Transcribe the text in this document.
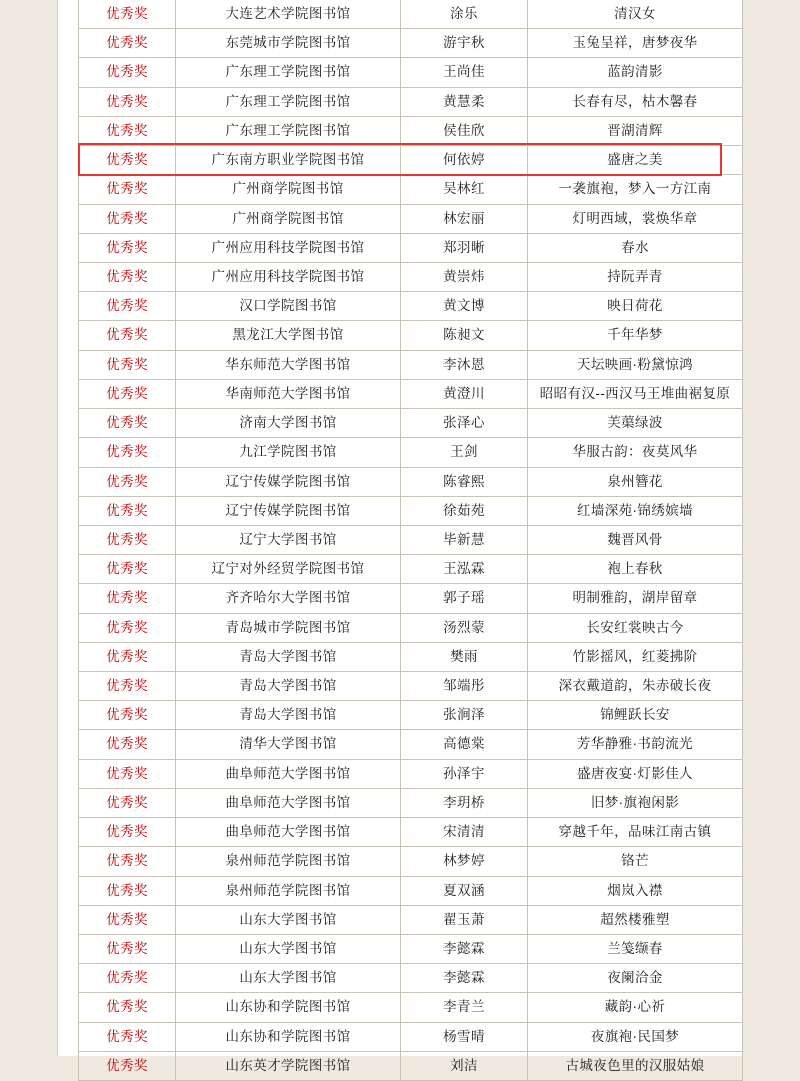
优秀奖	大连艺术学院图书馆	涂乐	清汉女
优秀奖	东莞城市学院图书馆	游宇秋	玉兔呈祥，唐梦夜华
优秀奖	广东理工学院图书馆	王尚佳	蓝韵清影
优秀奖	广东理工学院图书馆	黄慧柔	长春有尽，枯木馨春
优秀奖	广东理工学院图书馆	侯佳欣	晋湖清辉
优秀奖	广东南方职业学院图书馆	何依婷	盛唐之美
优秀奖	广州商学院图书馆	吴林红	一袭旗袍，梦入一方江南
优秀奖	广州商学院图书馆	林宏丽	灯明西域，裳焕华章
优秀奖	广州应用科技学院图书馆	郑羽晰	春水
优秀奖	广州应用科技学院图书馆	黄崇炜	持阮弄青
优秀奖	汉口学院图书馆	黄文博	映日荷花
优秀奖	黑龙江大学图书馆	陈昶文	千年华梦
优秀奖	华东师范大学图书馆	李沐恩	天坛映画·粉黛惊鸿
优秀奖	华南师范大学图书馆	黄澄川	昭昭有汉--西汉马王堆曲裾复原
优秀奖	济南大学图书馆	张泽心	芙蕖绿波
优秀奖	九江学院图书馆	王剑	华服古韵：夜莫风华
优秀奖	辽宁传媒学院图书馆	陈睿熙	泉州簪花
优秀奖	辽宁传媒学院图书馆	徐茹苑	红墙深苑·锦绣嫔墙
优秀奖	辽宁大学图书馆	毕新慧	魏晋风骨
优秀奖	辽宁对外经贸学院图书馆	王泓霖	袍上春秋
优秀奖	齐齐哈尔大学图书馆	郭子瑶	明制雅韵，湖岸留章
优秀奖	青岛城市学院图书馆	汤烈蒙	长安红裳映古今
优秀奖	青岛大学图书馆	樊雨	竹影摇风，红菱拂阶
优秀奖	青岛大学图书馆	邹端彤	深衣戴道韵，朱赤破长夜
优秀奖	青岛大学图书馆	张涧泽	锦鲤跃长安
优秀奖	清华大学图书馆	高德棠	芳华静雅·书韵流光
优秀奖	曲阜师范大学图书馆	孙泽宇	盛唐夜宴·灯影佳人
优秀奖	曲阜师范大学图书馆	李玥桥	旧梦·旗袍闲影
优秀奖	曲阜师范大学图书馆	宋清清	穿越千年，品味江南古镇
优秀奖	泉州师范学院图书馆	林梦婷	铬芒
优秀奖	泉州师范学院图书馆	夏双涵	烟岚入襟
优秀奖	山东大学图书馆	翟玉萧	超然楼雅塑
优秀奖	山东大学图书馆	李懿霖	兰笺缬春
优秀奖	山东大学图书馆	李懿霖	夜阑洽金
优秀奖	山东协和学院图书馆	李青兰	藏韵·心祈
优秀奖	山东协和学院图书馆	杨雪晴	夜旗袍·民国梦
优秀奖	山东英才学院图书馆	刘洁	古城夜色里的汉服姑娘
